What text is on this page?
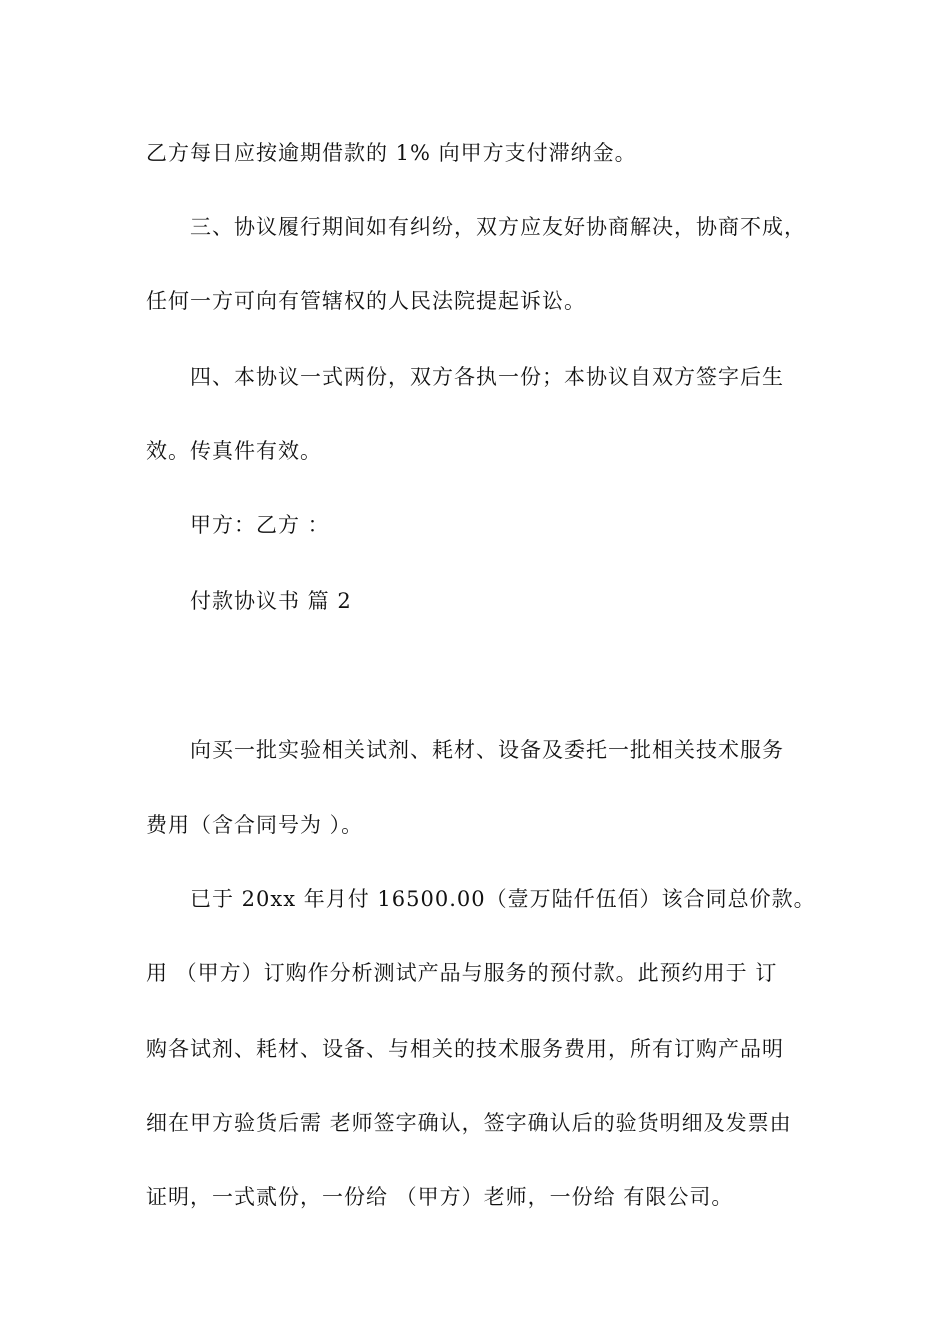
乙方每日应按逾期借款的 1% 向甲方支付滞纳金。
三、协议履行期间如有纠纷，双方应友好协商解决，协商不成，
任何一方可向有管辖权的人民法院提起诉讼。
四、本协议一式两份，双方各执一份；本协议自双方签字后生
效。传真件有效。
甲方：乙方 ：
付款协议书 篇 2
向买一批实验相关试剂、耗材、设备及委托一批相关技术服务
费用（含合同号为 ）。
已于 20xx 年月付 16500.00（壹万陆仟伍佰）该合同总价款。
用 （甲方）订购作分析测试产品与服务的预付款。此预约用于 订
购各试剂、耗材、设备、与相关的技术服务费用，所有订购产品明
细在甲方验货后需 老师签字确认，签字确认后的验货明细及发票由
证明，一式贰份，一份给 （甲方）老师，一份给 有限公司。
